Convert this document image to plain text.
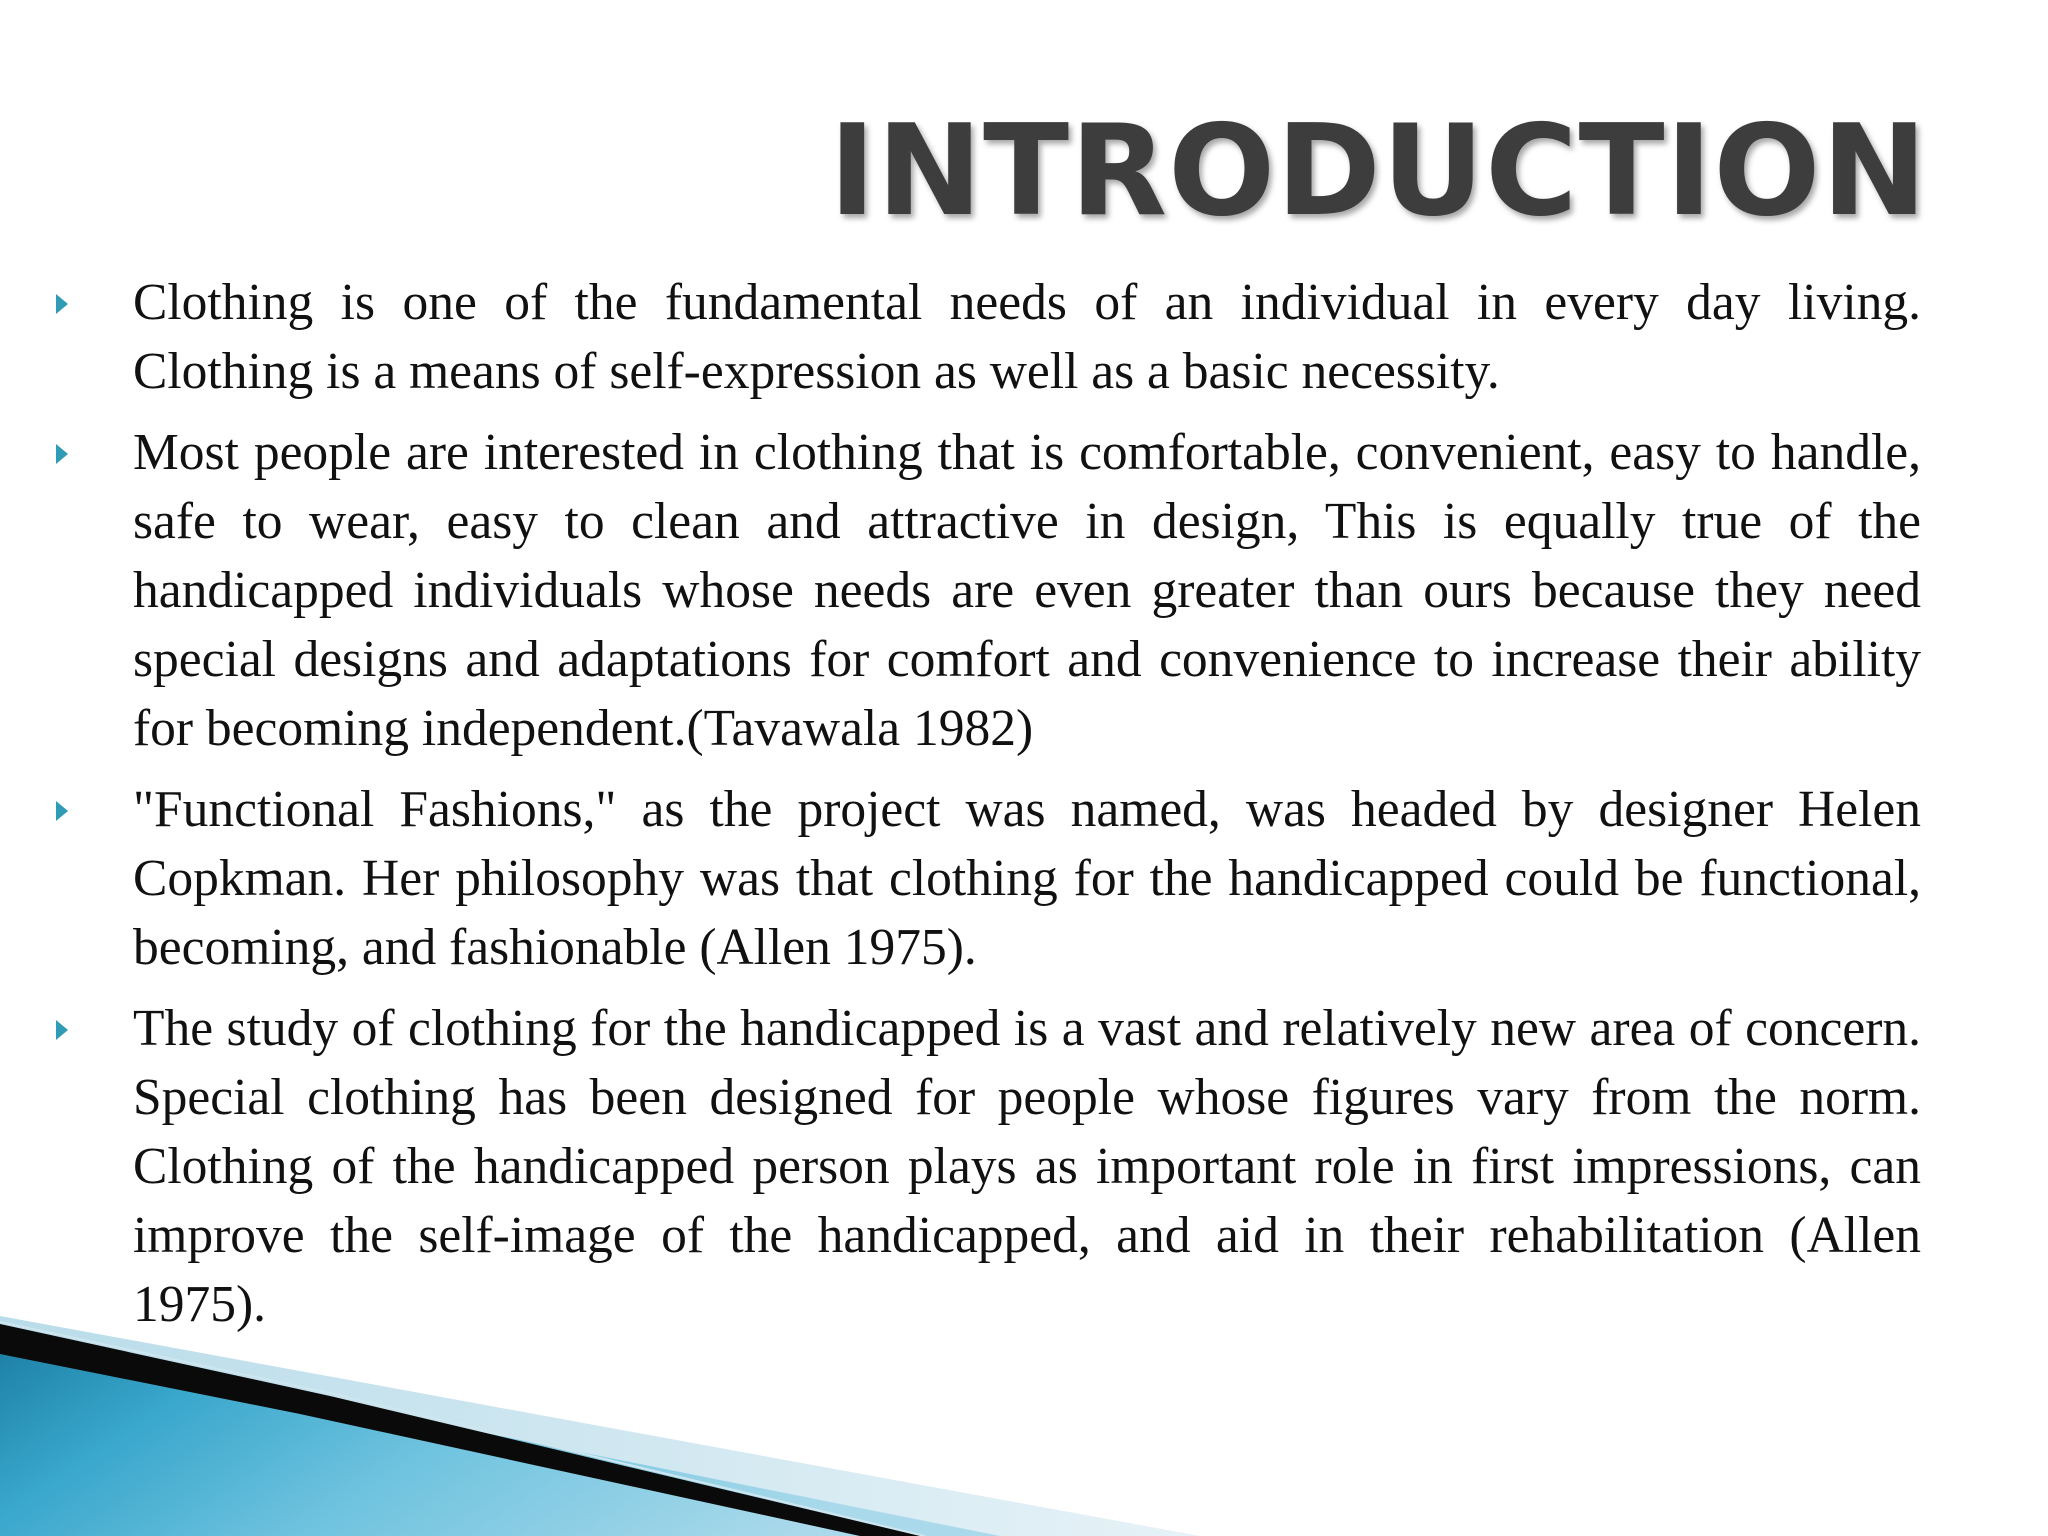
INTRODUCTION

Clothing is one of the fundamental needs of an individual in every day living. Clothing is a means of self-expression as well as a basic necessity.

Most people are interested in clothing that is comfortable, convenient, easy to handle, safe to wear, easy to clean and attractive in design, This is equally true of the handicapped individuals whose needs are even greater than ours because they need special designs and adaptations for comfort and convenience to increase their ability for becoming independent.(Tavawala 1982)

"Functional Fashions," as the project was named, was headed by designer Helen Copkman. Her philosophy was that clothing for the handicapped could be functional, becoming, and fashionable (Allen 1975).

The study of clothing for the handicapped is a vast and relatively new area of concern. Special clothing has been designed for people whose figures vary from the norm. Clothing of the handicapped person plays as important role in first impressions, can improve the self-image of the handicapped, and aid in their rehabilitation (Allen 1975).
